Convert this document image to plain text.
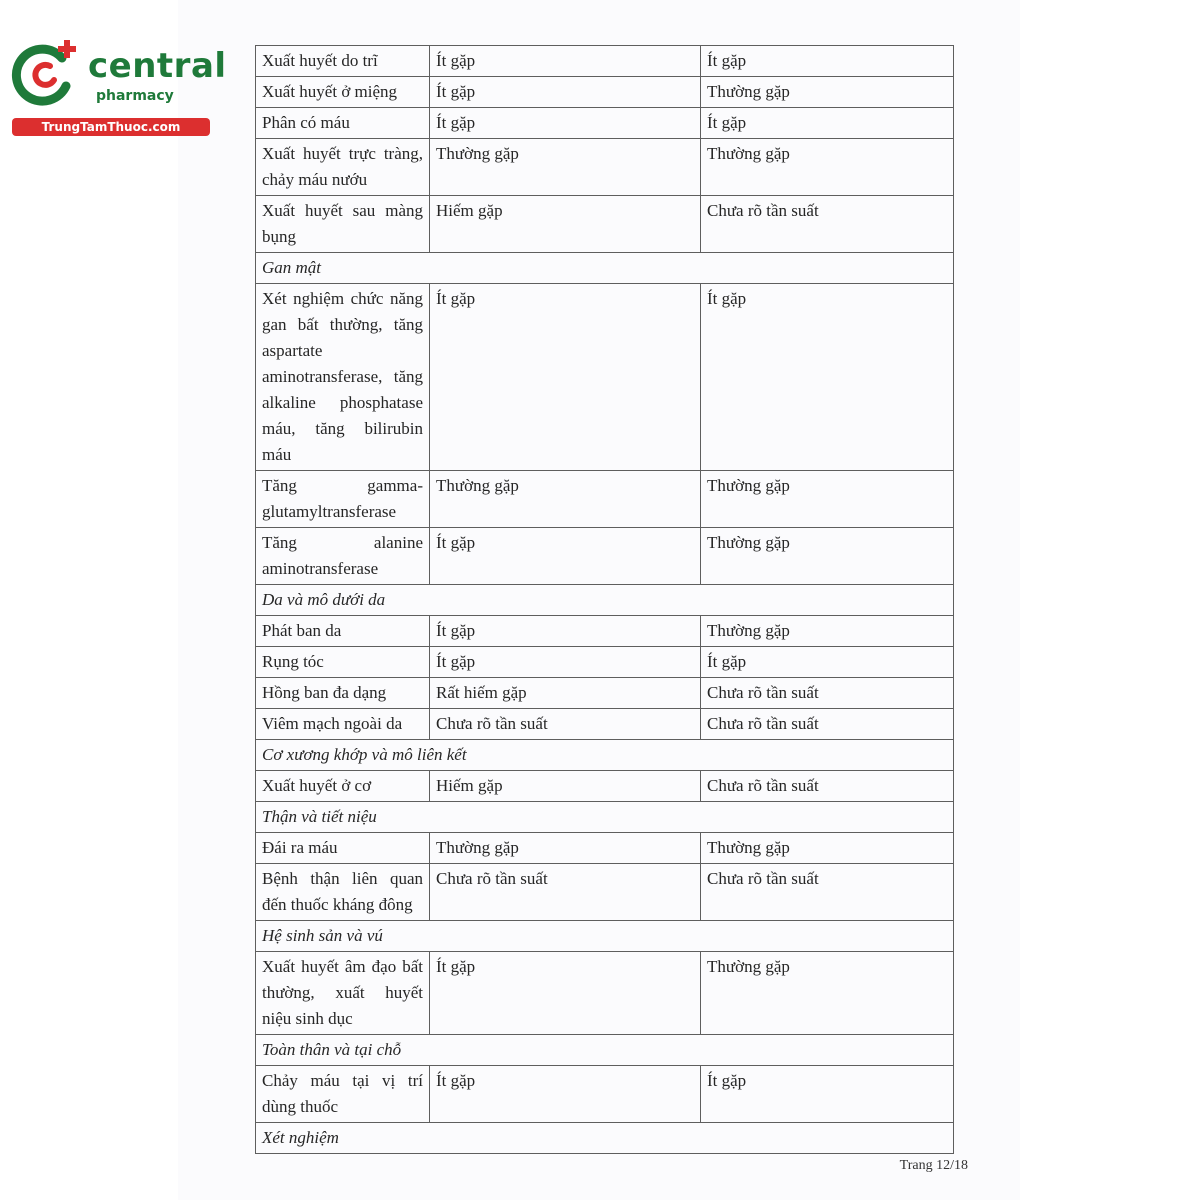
central
pharmacy
TrungTamThuoc.com
Xuất huyết do trĩ	Ít gặp	Ít gặp
Xuất huyết ở miệng	Ít gặp	Thường gặp
Phân có máu	Ít gặp	Ít gặp
Xuất huyết trực tràng, chảy máu nướu	Thường gặp	Thường gặp
Xuất huyết sau màng bụng	Hiếm gặp	Chưa rõ tần suất
Gan mật		
Xét nghiệm chức năng gan bất thường, tăng aspartate aminotransferase, tăng alkaline phosphatase máu, tăng bilirubin máu	Ít gặp	Ít gặp
Tăng gamma-glutamyltransferase	Thường gặp	Thường gặp
Tăng alanine aminotransferase	Ít gặp	Thường gặp
Da và mô dưới da		
Phát ban da	Ít gặp	Thường gặp
Rụng tóc	Ít gặp	Ít gặp
Hồng ban đa dạng	Rất hiếm gặp	Chưa rõ tần suất
Viêm mạch ngoài da	Chưa rõ tần suất	Chưa rõ tần suất
Cơ xương khớp và mô liên kết		
Xuất huyết ở cơ	Hiếm gặp	Chưa rõ tần suất
Thận và tiết niệu		
Đái ra máu	Thường gặp	Thường gặp
Bệnh thận liên quan đến thuốc kháng đông	Chưa rõ tần suất	Chưa rõ tần suất
Hệ sinh sản và vú		
Xuất huyết âm đạo bất thường, xuất huyết niệu sinh dục	Ít gặp	Thường gặp
Toàn thân và tại chỗ		
Chảy máu tại vị trí dùng thuốc	Ít gặp	Ít gặp
Xét nghiệm		
Trang 12/18
